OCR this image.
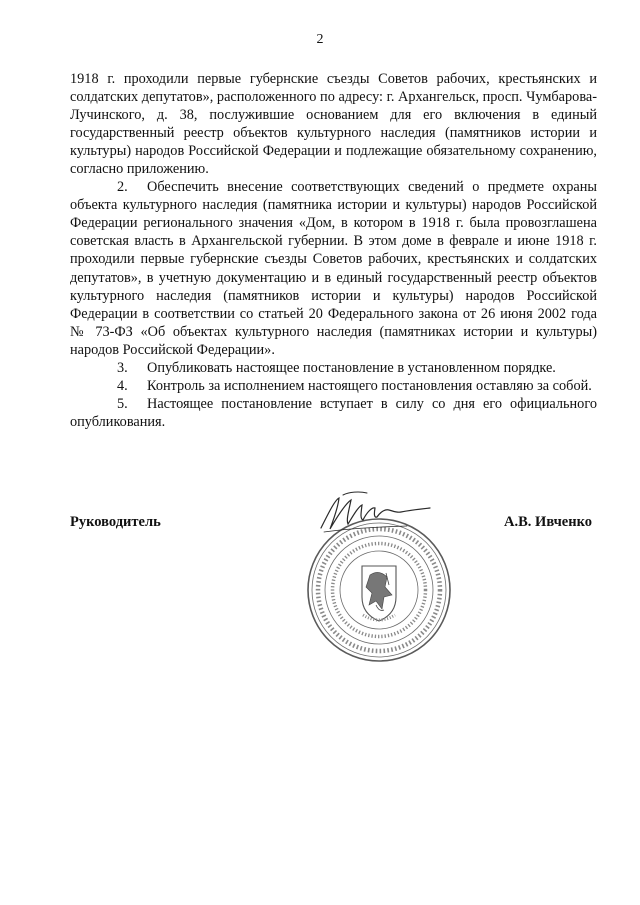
2

1918 г. проходили первые губернские съезды Советов рабочих, крестьянских и солдатских депутатов», расположенного по адресу: г. Архангельск, просп. Чумбарова-Лучинского, д. 38, послужившие основанием для его включения в единый государственный реестр объектов культурного наследия (памятников истории и культуры) народов Российской Федерации и подлежащие обязательному сохранению, согласно приложению.

2. Обеспечить внесение соответствующих сведений о предмете охраны объекта культурного наследия (памятника истории и культуры) народов Российской Федерации регионального значения «Дом, в котором в 1918 г. была провозглашена советская власть в Архангельской губернии. В этом доме в феврале и июне 1918 г. проходили первые губернские съезды Советов рабочих, крестьянских и солдатских депутатов», в учетную документацию и в единый государственный реестр объектов культурного наследия (памятников истории и культуры) народов Российской Федерации в соответствии со статьей 20 Федерального закона от 26 июня 2002 года № 73-ФЗ «Об объектах культурного наследия (памятниках истории и культуры) народов Российской Федерации».

3. Опубликовать настоящее постановление в установленном порядке.

4. Контроль за исполнением настоящего постановления оставляю за собой.

5. Настоящее постановление вступает в силу со дня его официального опубликования.

Руководитель	А.В. Ивченко
